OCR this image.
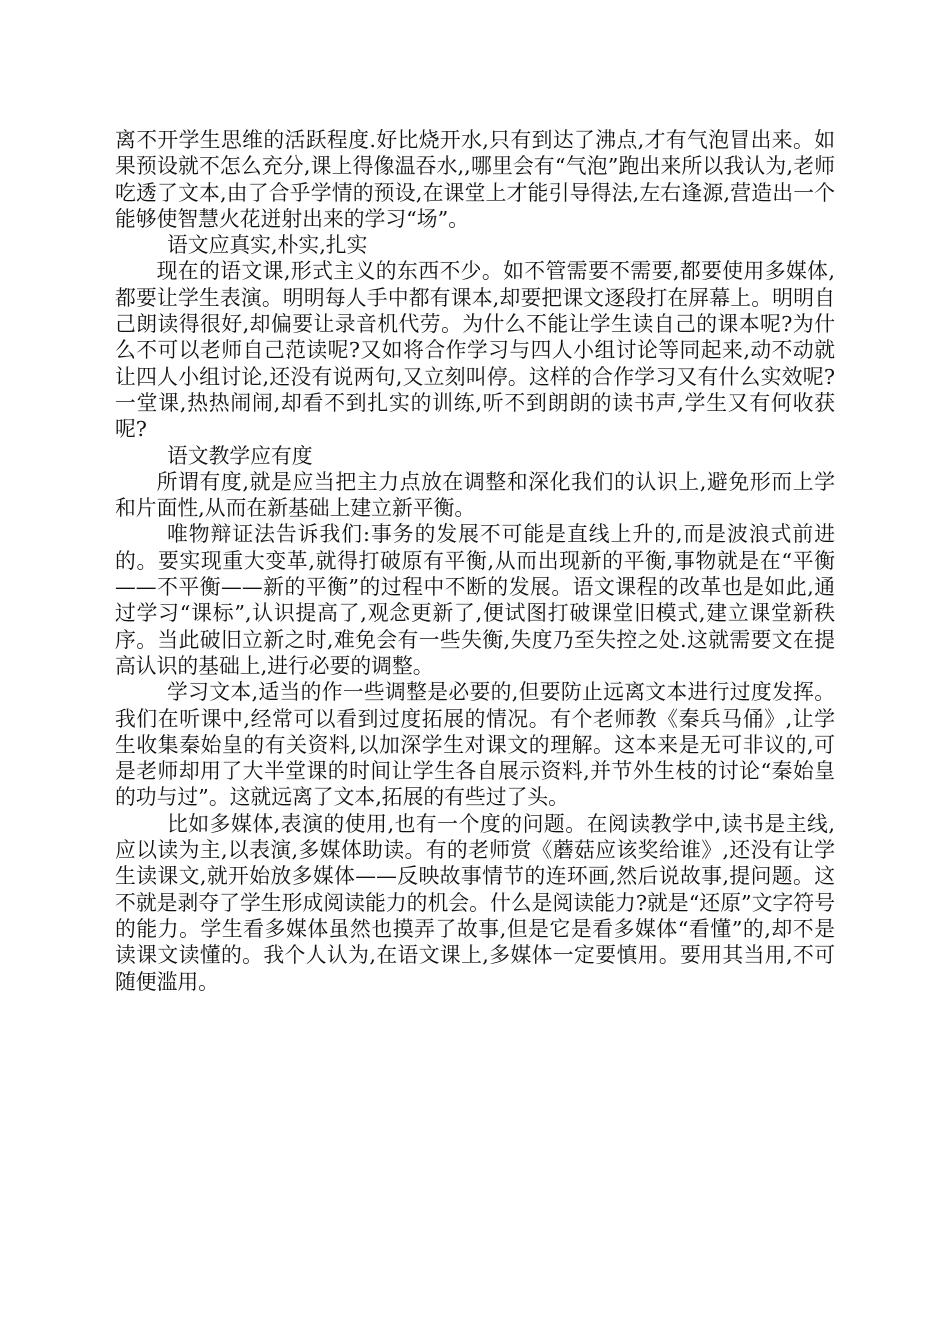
离不开学生思维的活跃程度.好比烧开水,只有到达了沸点,才有气泡冒出来。如果预设就不怎么充分,课上得像温吞水,,哪里会有“气泡”跑出来所以我认为,老师吃透了文本,由了合乎学情的预设,在课堂上才能引导得法,左右逢源,营造出一个能够使智慧火花迸射出来的学习“场”。

语文应真实,朴实,扎实

现在的语文课,形式主义的东西不少。如不管需要不需要,都要使用多媒体,都要让学生表演。明明每人手中都有课本,却要把课文逐段打在屏幕上。明明自己朗读得很好,却偏要让录音机代劳。为什么不能让学生读自己的课本呢?为什么不可以老师自己范读呢?又如将合作学习与四人小组讨论等同起来,动不动就让四人小组讨论,还没有说两句,又立刻叫停。这样的合作学习又有什么实效呢?一堂课,热热闹闹,却看不到扎实的训练,听不到朗朗的读书声,学生又有何收获呢?

语文教学应有度

所谓有度,就是应当把主力点放在调整和深化我们的认识上,避免形而上学和片面性,从而在新基础上建立新平衡。

唯物辩证法告诉我们:事务的发展不可能是直线上升的,而是波浪式前进的。要实现重大变革,就得打破原有平衡,从而出现新的平衡,事物就是在“平衡——不平衡——新的平衡”的过程中不断的发展。语文课程的改革也是如此,通过学习“课标”,认识提高了,观念更新了,便试图打破课堂旧模式,建立课堂新秩序。当此破旧立新之时,难免会有一些失衡,失度乃至失控之处.这就需要文在提高认识的基础上,进行必要的调整。

学习文本,适当的作一些调整是必要的,但要防止远离文本进行过度发挥。我们在听课中,经常可以看到过度拓展的情况。有个老师教《秦兵马俑》,让学生收集秦始皇的有关资料,以加深学生对课文的理解。这本来是无可非议的,可是老师却用了大半堂课的时间让学生各自展示资料,并节外生枝的讨论“秦始皇的功与过”。这就远离了文本,拓展的有些过了头。

比如多媒体,表演的使用,也有一个度的问题。在阅读教学中,读书是主线,应以读为主,以表演,多媒体助读。有的老师赏《蘑菇应该奖给谁》,还没有让学生读课文,就开始放多媒体——反映故事情节的连环画,然后说故事,提问题。这不就是剥夺了学生形成阅读能力的机会。什么是阅读能力?就是“还原”文字符号的能力。学生看多媒体虽然也摸弄了故事,但是它是看多媒体“看懂”的,却不是读课文读懂的。我个人认为,在语文课上,多媒体一定要慎用。要用其当用,不可随便滥用。
